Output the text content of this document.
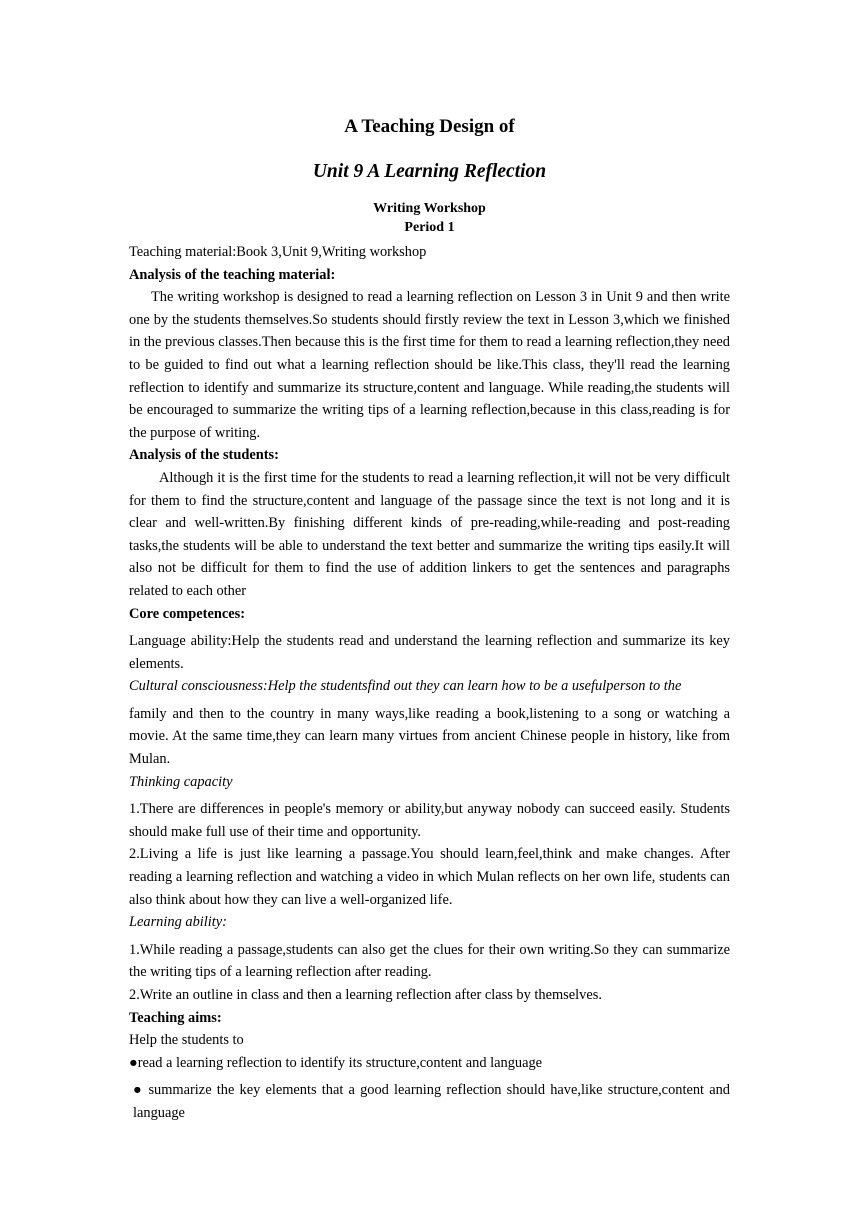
A Teaching Design of
Unit 9 A Learning Reflection
Writing Workshop
Period 1

Teaching material:Book 3,Unit 9,Writing workshop

Analysis of the teaching material:

The writing workshop is designed to read a learning reflection on Lesson 3 in Unit 9 and then write one by the students themselves.So students should firstly review the text in Lesson 3,which we finished in the previous classes.Then because this is the first time for them to read a learning reflection,they need to be guided to find out what a learning reflection should be like.This class, they'll read the learning reflection to identify and summarize its structure,content and language. While reading,the students will be encouraged to summarize the writing tips of a learning reflection,because in this class,reading is for the purpose of writing.

Analysis of the students:

Although it is the first time for the students to read a learning reflection,it will not be very difficult for them to find the structure,content and language of the passage since the text is not long and it is clear and well-written.By finishing different kinds of pre-reading,while-reading and post-reading tasks,the students will be able to understand the text better and summarize the writing tips easily.It will also not be difficult for them to find the use of addition linkers to get the sentences and paragraphs related to each other

Core competences:

Language ability:Help the students read and understand the learning reflection and summarize its key elements.

Cultural consciousness:Help the studentsfind out they can learn how to be a usefulperson to the

family and then to the country in many ways,like reading a book,listening to a song or watching a movie. At the same time,they can learn many virtues from ancient Chinese people in history, like from Mulan.

Thinking capacity

1.There are differences in people's memory or ability,but anyway nobody can succeed easily. Students should make full use of their time and opportunity.

2.Living a life is just like learning a passage.You should learn,feel,think and make changes. After reading a learning reflection and watching a video in which Mulan reflects on her own life, students can also think about how they can live a well-organized life.

Learning ability:

1.While reading a passage,students can also get the clues for their own writing.So they can summarize the writing tips of a learning reflection after reading.

2.Write an outline in class and then a learning reflection after class by themselves.

Teaching aims:

Help the students to

●read a learning reflection to identify its structure,content and language

● summarize the key elements that a good learning reflection should have,like structure,content and language
